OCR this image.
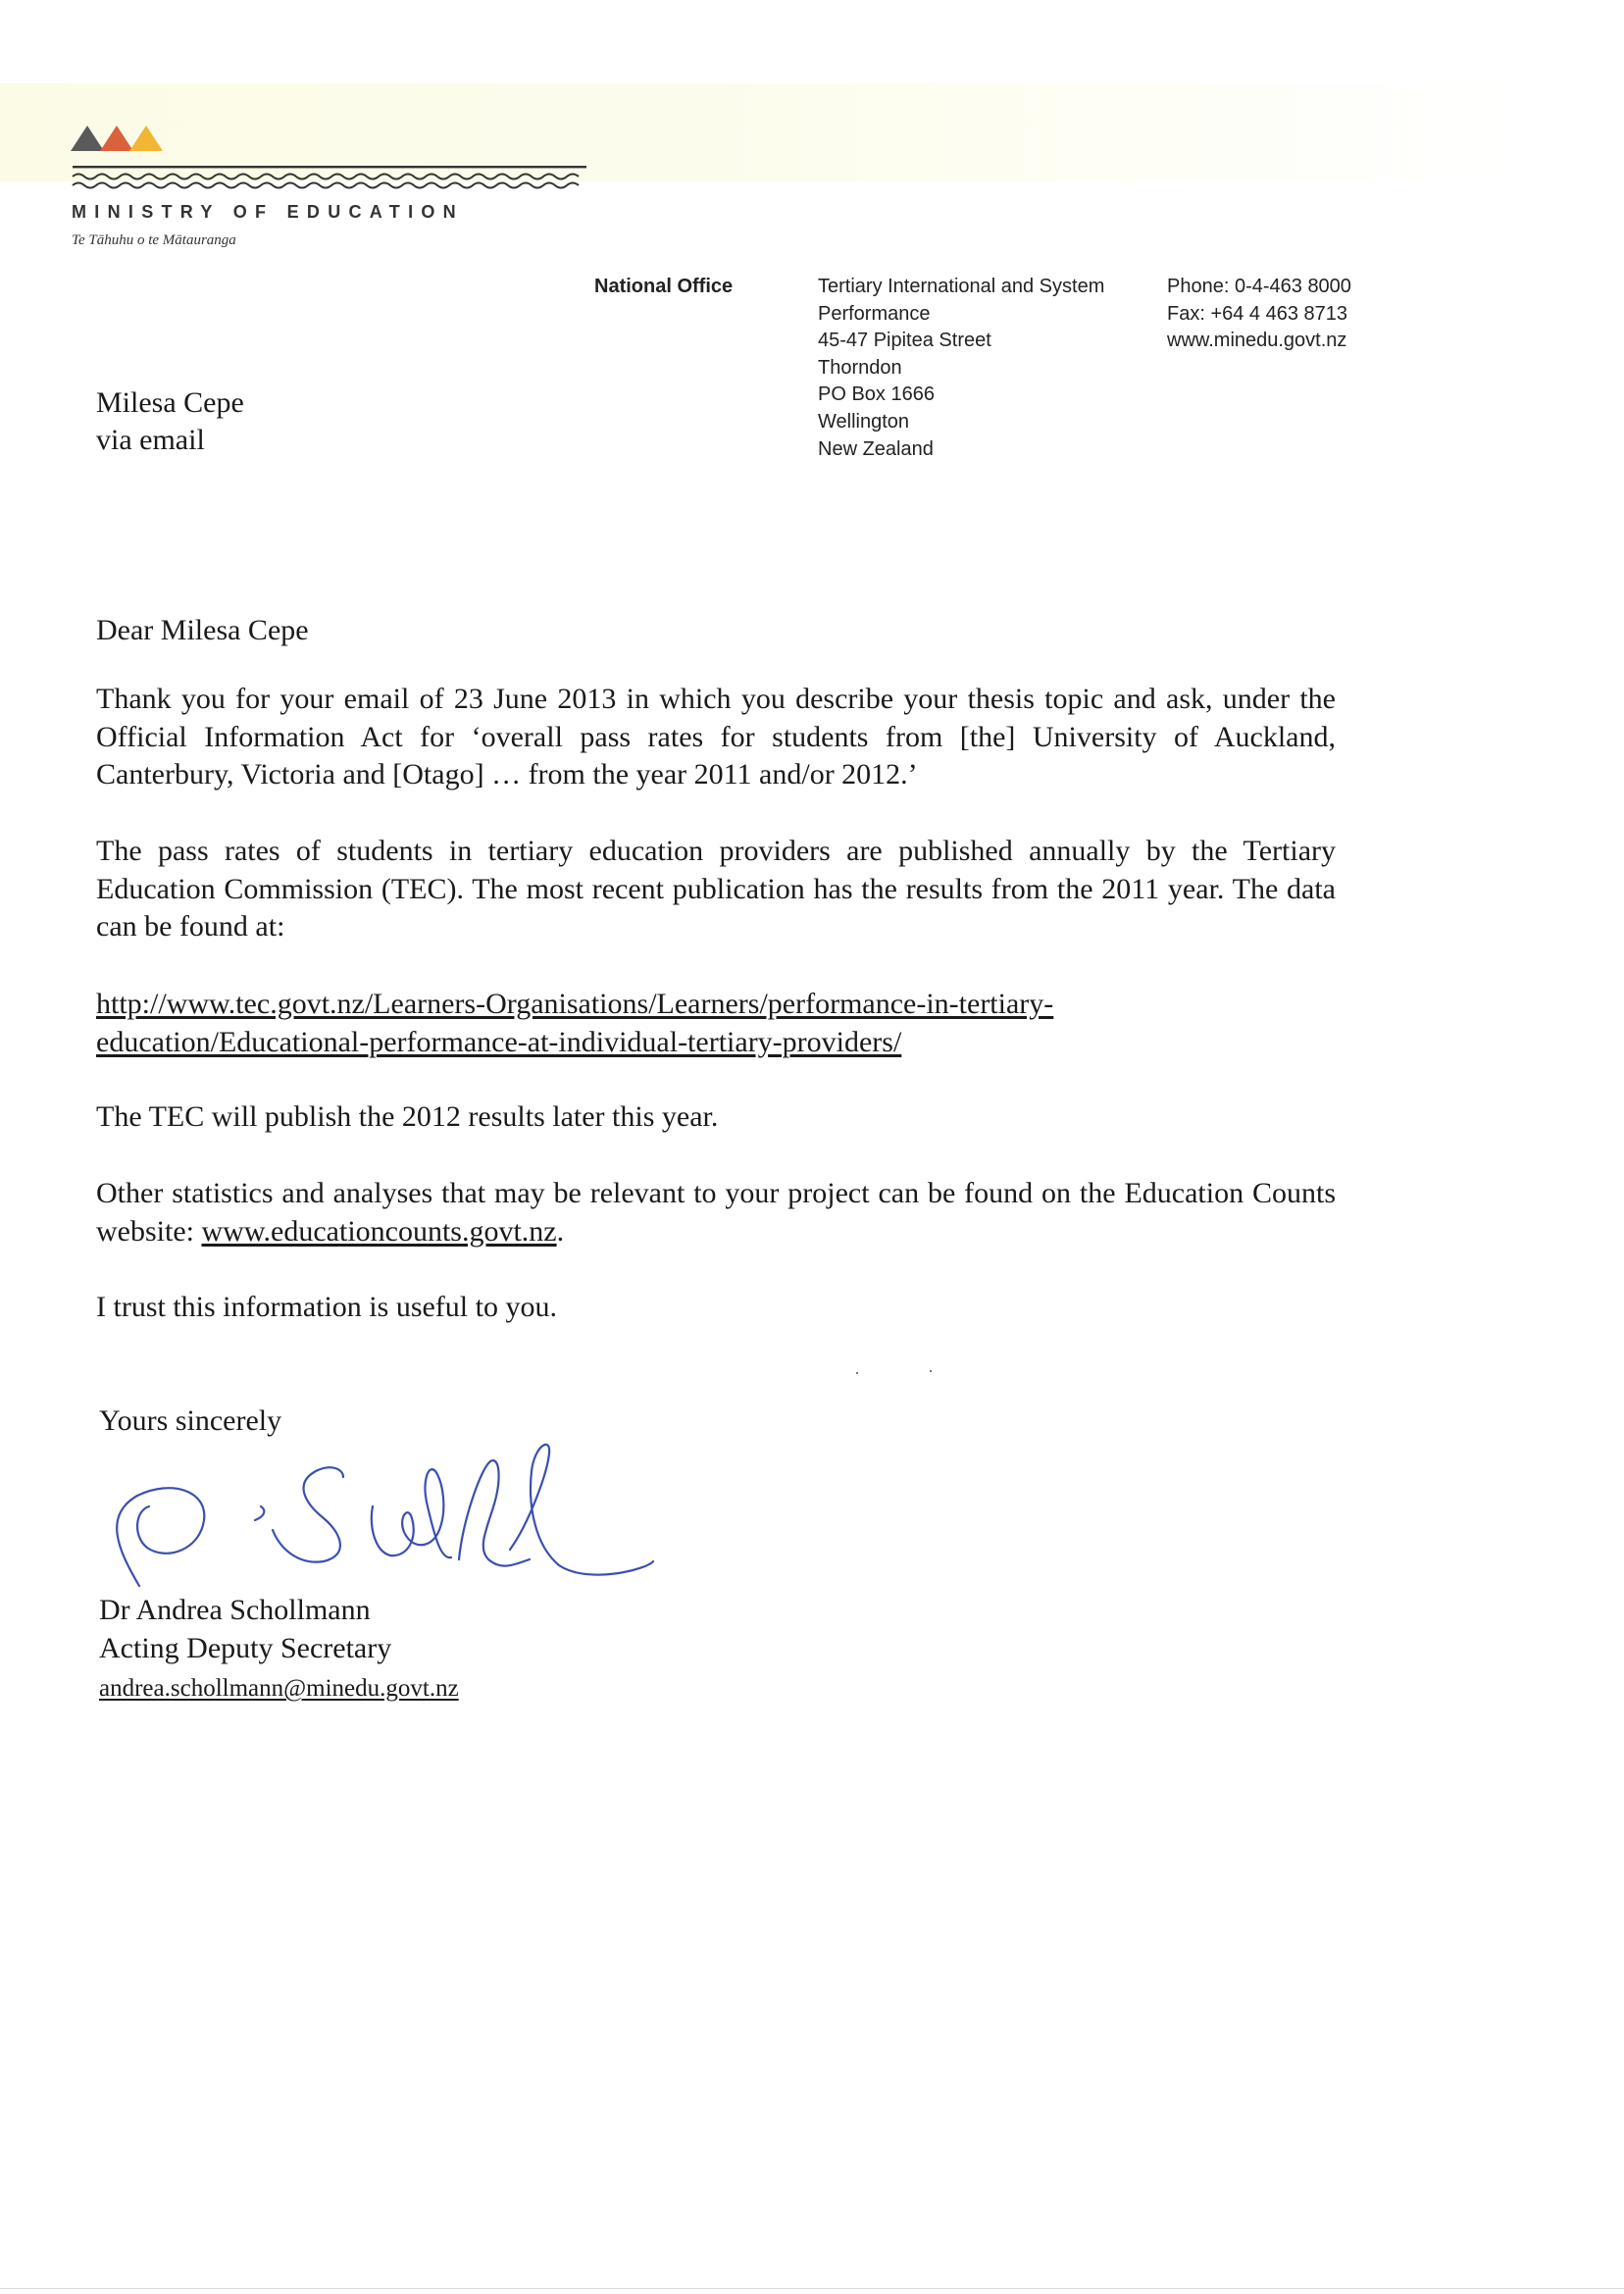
MINISTRY OF EDUCATION
Te Tāhuhu o te Mātauranga
National Office	Tertiary International and System
Performance
45-47 Pipitea Street
Thorndon
PO Box 1666
Wellington
New Zealand
Phone: 0-4-463 8000
Fax: +64 4 463 8713
www.minedu.govt.nz
Milesa Cepe
via email
Dear Milesa Cepe
Thank you for your email of 23 June 2013 in which you describe your thesis topic and ask, under the Official Information Act for ‘overall pass rates for students from [the] University of Auckland, Canterbury, Victoria and [Otago] … from the year 2011 and/or 2012.’
The pass rates of students in tertiary education providers are published annually by the Tertiary Education Commission (TEC). The most recent publication has the results from the 2011 year. The data can be found at:
http://www.tec.govt.nz/Learners-Organisations/Learners/performance-in-tertiary-
education/Educational-performance-at-individual-tertiary-providers/
The TEC will publish the 2012 results later this year.
Other statistics and analyses that may be relevant to your project can be found on the Education Counts website: www.educationcounts.govt.nz.
I trust this information is useful to you.
Yours sincerely
Dr Andrea Schollmann
Acting Deputy Secretary
andrea.schollmann@minedu.govt.nz
